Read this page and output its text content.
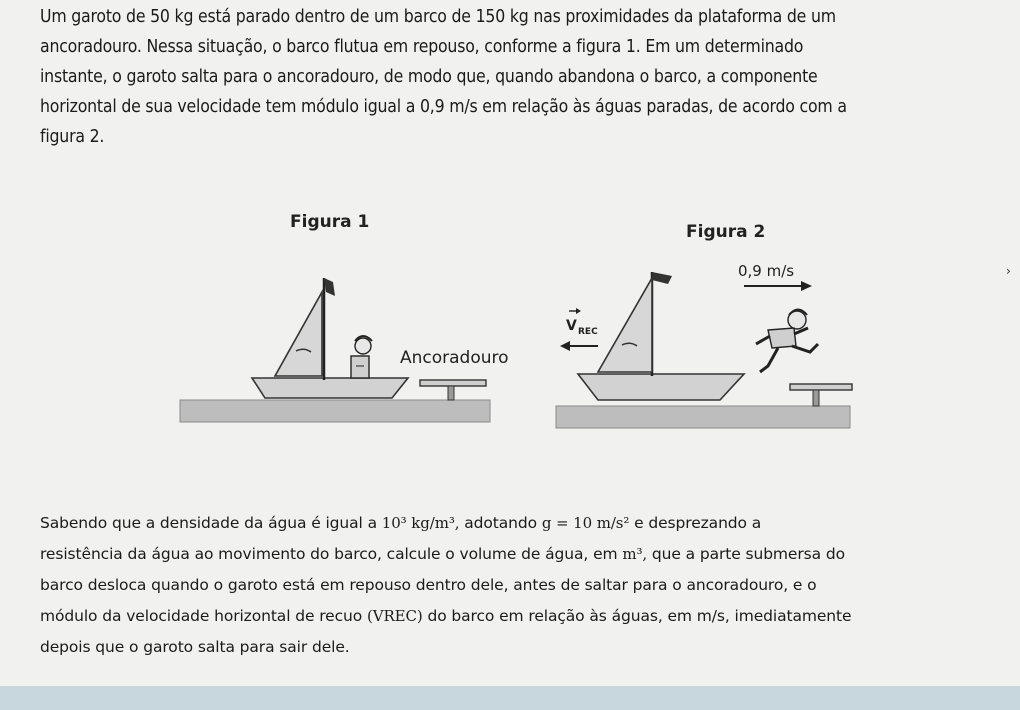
Um garoto de 50 kg está parado dentro de um barco de 150 kg nas proximidades da plataforma de um
ancoradouro. Nessa situação, o barco flutua em repouso, conforme a figura 1. Em um determinado
instante, o garoto salta para o ancoradouro, de modo que, quando abandona o barco, a componente
horizontal de sua velocidade tem módulo igual a 0,9 m/s em relação às águas paradas, de acordo com a
figura 2.
Figura 1	Figura 2
V REC
0,9 m/s	›
Ancoradouro
Sabendo que a densidade da água é igual a 10³ kg/m³, adotando g = 10 m/s² e desprezando a
resistência da água ao movimento do barco, calcule o volume de água, em m³, que a parte submersa do
barco desloca quando o garoto está em repouso dentro dele, antes de saltar para o ancoradouro, e o
módulo da velocidade horizontal de recuo (VREC) do barco em relação às águas, em m/s, imediatamente
depois que o garoto salta para sair dele.
